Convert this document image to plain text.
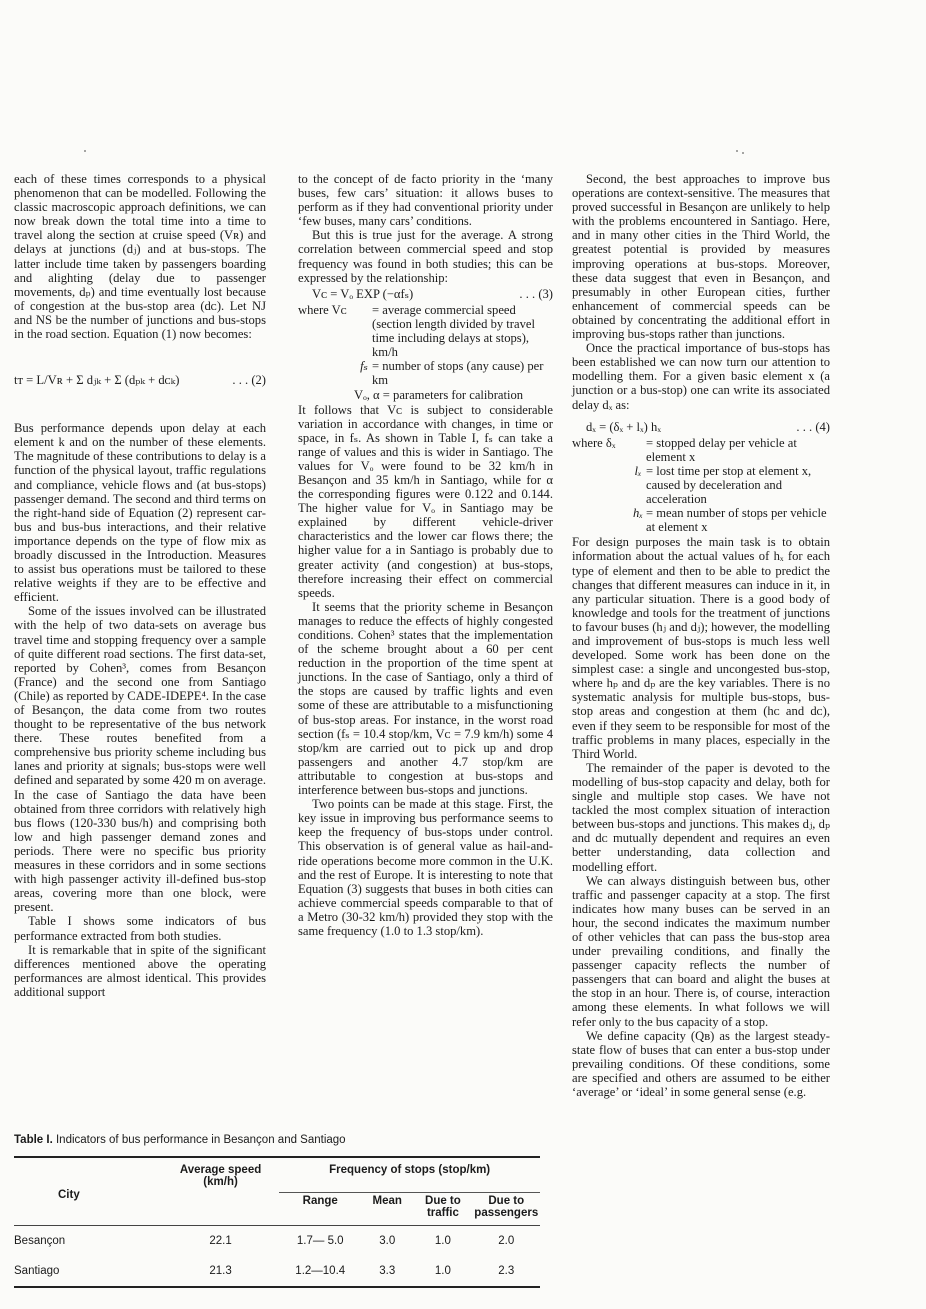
each of these times corresponds to a physical phenomenon that can be modelled. Following the classic macroscopic approach definitions, we can now break down the total time into a time to travel along the section at cruise speed (Vʀ) and delays at junctions (dⱼ) and at bus-stops. The latter include time taken by passengers boarding and alighting (delay due to passenger movements, dₚ) and time eventually lost because of congestion at the bus-stop area (dᴄ). Let NJ and NS be the number of junctions and bus-stops in the road section. Equation (1) now becomes:

tᴛ = L/Vʀ + Σ dⱼₖ + Σ (dₚₖ + dᴄₖ)	. . . (2)

Bus performance depends upon delay at each element k and on the number of these elements. The magnitude of these contributions to delay is a function of the physical layout, traffic regulations and compliance, vehicle flows and (at bus-stops) passenger demand. The second and third terms on the right-hand side of Equation (2) represent car-bus and bus-bus interactions, and their relative importance depends on the type of flow mix as broadly discussed in the Introduction. Measures to assist bus operations must be tailored to these relative weights if they are to be effective and efficient.

Some of the issues involved can be illustrated with the help of two data-sets on average bus travel time and stopping frequency over a sample of quite different road sections. The first data-set, reported by Cohen³, comes from Besançon (France) and the second one from Santiago (Chile) as reported by CADE-IDEPE⁴. In the case of Besançon, the data come from two routes thought to be representative of the bus network there. These routes benefited from a comprehensive bus priority scheme including bus lanes and priority at signals; bus-stops were well defined and separated by some 420 m on average. In the case of Santiago the data have been obtained from three corridors with relatively high bus flows (120-330 bus/h) and comprising both low and high passenger demand zones and periods. There were no specific bus priority measures in these corridors and in some sections with high passenger activity ill-defined bus-stop areas, covering more than one block, were present.

Table I shows some indicators of bus performance extracted from both studies.

It is remarkable that in spite of the significant differences mentioned above the operating performances are almost identical. This provides additional support

to the concept of de facto priority in the ‘many buses, few cars’ situation: it allows buses to perform as if they had conventional priority under ‘few buses, many cars’ conditions.

But this is true just for the average. A strong correlation between commercial speed and stop frequency was found in both studies; this can be expressed by the relationship:

Vᴄ = Vₒ EXP (−αfₛ)	. . . (3)
where Vᴄ	= average commercial speed (section length divided by travel time including delays at stops), km/h
fₛ = number of stops (any cause) per km

Vₒ, α = parameters for calibration

It follows that Vᴄ is subject to considerable variation in accordance with changes, in time or space, in fₛ. As shown in Table I, fₛ can take a range of values and this is wider in Santiago. The values for Vₒ were found to be 32 km/h in Besançon and 35 km/h in Santiago, while for α the corresponding figures were 0.122 and 0.144. The higher value for Vₒ in Santiago may be explained by different vehicle-driver characteristics and the lower car flows there; the higher value for a in Santiago is probably due to greater activity (and congestion) at bus-stops, therefore increasing their effect on commercial speeds.

It seems that the priority scheme in Besançon manages to reduce the effects of highly congested conditions. Cohen³ states that the implementation of the scheme brought about a 60 per cent reduction in the proportion of the time spent at junctions. In the case of Santiago, only a third of the stops are caused by traffic lights and even some of these are attributable to a misfunctioning of bus-stop areas. For instance, in the worst road section (fₛ = 10.4 stop/km, Vᴄ = 7.9 km/h) some 4 stop/km are carried out to pick up and drop passengers and another 4.7 stop/km are attributable to congestion at bus-stops and interference between bus-stops and junctions.

Two points can be made at this stage. First, the key issue in improving bus performance seems to keep the frequency of bus-stops under control. This observation is of general value as hail-and-ride operations become more common in the U.K. and the rest of Europe. It is interesting to note that Equation (3) suggests that buses in both cities can achieve commercial speeds comparable to that of a Metro (30-32 km/h) provided they stop with the same frequency (1.0 to 1.3 stop/km).

Second, the best approaches to improve bus operations are context-sensitive. The measures that proved successful in Besançon are unlikely to help with the problems encountered in Santiago. Here, and in many other cities in the Third World, the greatest potential is provided by measures improving operations at bus-stops. Moreover, these data suggest that even in Besançon, and presumably in other European cities, further enhancement of commercial speeds can be obtained by concentrating the additional effort in improving bus-stops rather than junctions.

Once the practical importance of bus-stops has been established we can now turn our attention to modelling them. For a given basic element x (a junction or a bus-stop) one can write its associated delay dₓ as:

dₓ = (δₓ + lₓ) hₓ	. . . (4)
where δₓ	= stopped delay per vehicle at element x
lₓ = lost time per stop at element x, caused by deceleration and acceleration
hₓ = mean number of stops per vehicle at element x

For design purposes the main task is to obtain information about the actual values of hₓ for each type of element and then to be able to predict the changes that different measures can induce in it, in any particular situation. There is a good body of knowledge and tools for the treatment of junctions to favour buses (hⱼ and dⱼ); however, the modelling and improvement of bus-stops is much less well developed. Some work has been done on the simplest case: a single and uncongested bus-stop, where hₚ and dₚ are the key variables. There is no systematic analysis for multiple bus-stops, bus-stop areas and congestion at them (hᴄ and dᴄ), even if they seem to be responsible for most of the traffic problems in many places, especially in the Third World.

The remainder of the paper is devoted to the modelling of bus-stop capacity and delay, both for single and multiple stop cases. We have not tackled the most complex situation of interaction between bus-stops and junctions. This makes dⱼ, dₚ and dᴄ mutually dependent and requires an even better understanding, data collection and modelling effort.

We can always distinguish between bus, other traffic and passenger capacity at a stop. The first indicates how many buses can be served in an hour, the second indicates the maximum number of other vehicles that can pass the bus-stop area under prevailing conditions, and finally the passenger capacity reflects the number of passengers that can board and alight the buses at the stop in an hour. There is, of course, interaction among these elements. In what follows we will refer only to the bus capacity of a stop.

We define capacity (Qʙ) as the largest steady-state flow of buses that can enter a bus-stop under prevailing conditions. Of these conditions, some are specified and others are assumed to be either ‘average’ or ‘ideal’ in some general sense (e.g.

Table I. Indicators of bus performance in Besançon and Santiago
City	Average speed (km/h)	Frequency of stops (stop/km)			
		Range	Mean	Due to traffic	Due to passengers

Besançon	22.1	1.7— 5.0	3.0	1.0	2.0
Santiago	21.3	1.2—10.4	3.3	1.0	2.3
